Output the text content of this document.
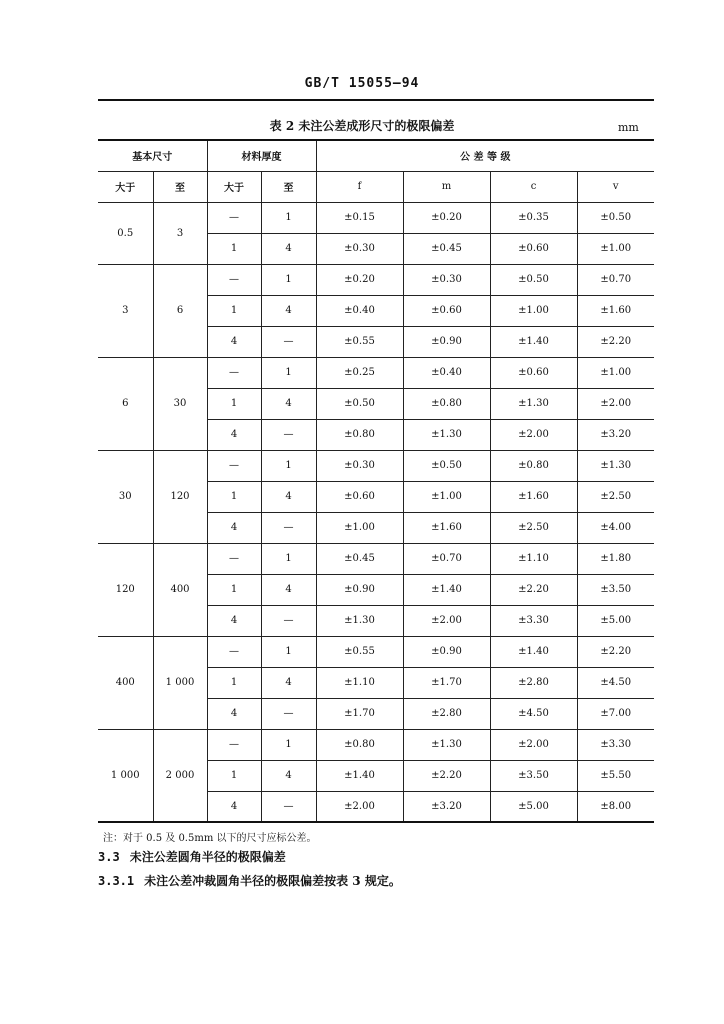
GB/T 15055—94
表 2 未注公差成形尺寸的极限偏差	mm
基本尺寸		材料厚度		公 差 等 级			
大于	至	大于	至	f	m	c	v
0.5	3	—	1	±0.15	±0.20	±0.35	±0.50
		1	4	±0.30	±0.45	±0.60	±1.00
3	6	—	1	±0.20	±0.30	±0.50	±0.70
		1	4	±0.40	±0.60	±1.00	±1.60
		4	—	±0.55	±0.90	±1.40	±2.20
6	30	—	1	±0.25	±0.40	±0.60	±1.00
		1	4	±0.50	±0.80	±1.30	±2.00
		4	—	±0.80	±1.30	±2.00	±3.20
30	120	—	1	±0.30	±0.50	±0.80	±1.30
		1	4	±0.60	±1.00	±1.60	±2.50
		4	—	±1.00	±1.60	±2.50	±4.00
120	400	—	1	±0.45	±0.70	±1.10	±1.80
		1	4	±0.90	±1.40	±2.20	±3.50
		4	—	±1.30	±2.00	±3.30	±5.00
400	1 000	—	1	±0.55	±0.90	±1.40	±2.20
		1	4	±1.10	±1.70	±2.80	±4.50
		4	—	±1.70	±2.80	±4.50	±7.00
1 000	2 000	—	1	±0.80	±1.30	±2.00	±3.30
		1	4	±1.40	±2.20	±3.50	±5.50
		4	—	±2.00	±3.20	±5.00	±8.00
注：对于 0.5 及 0.5mm 以下的尺寸应标公差。
3.3 未注公差圆角半径的极限偏差
3.3.1 未注公差冲裁圆角半径的极限偏差按表 3 规定。
